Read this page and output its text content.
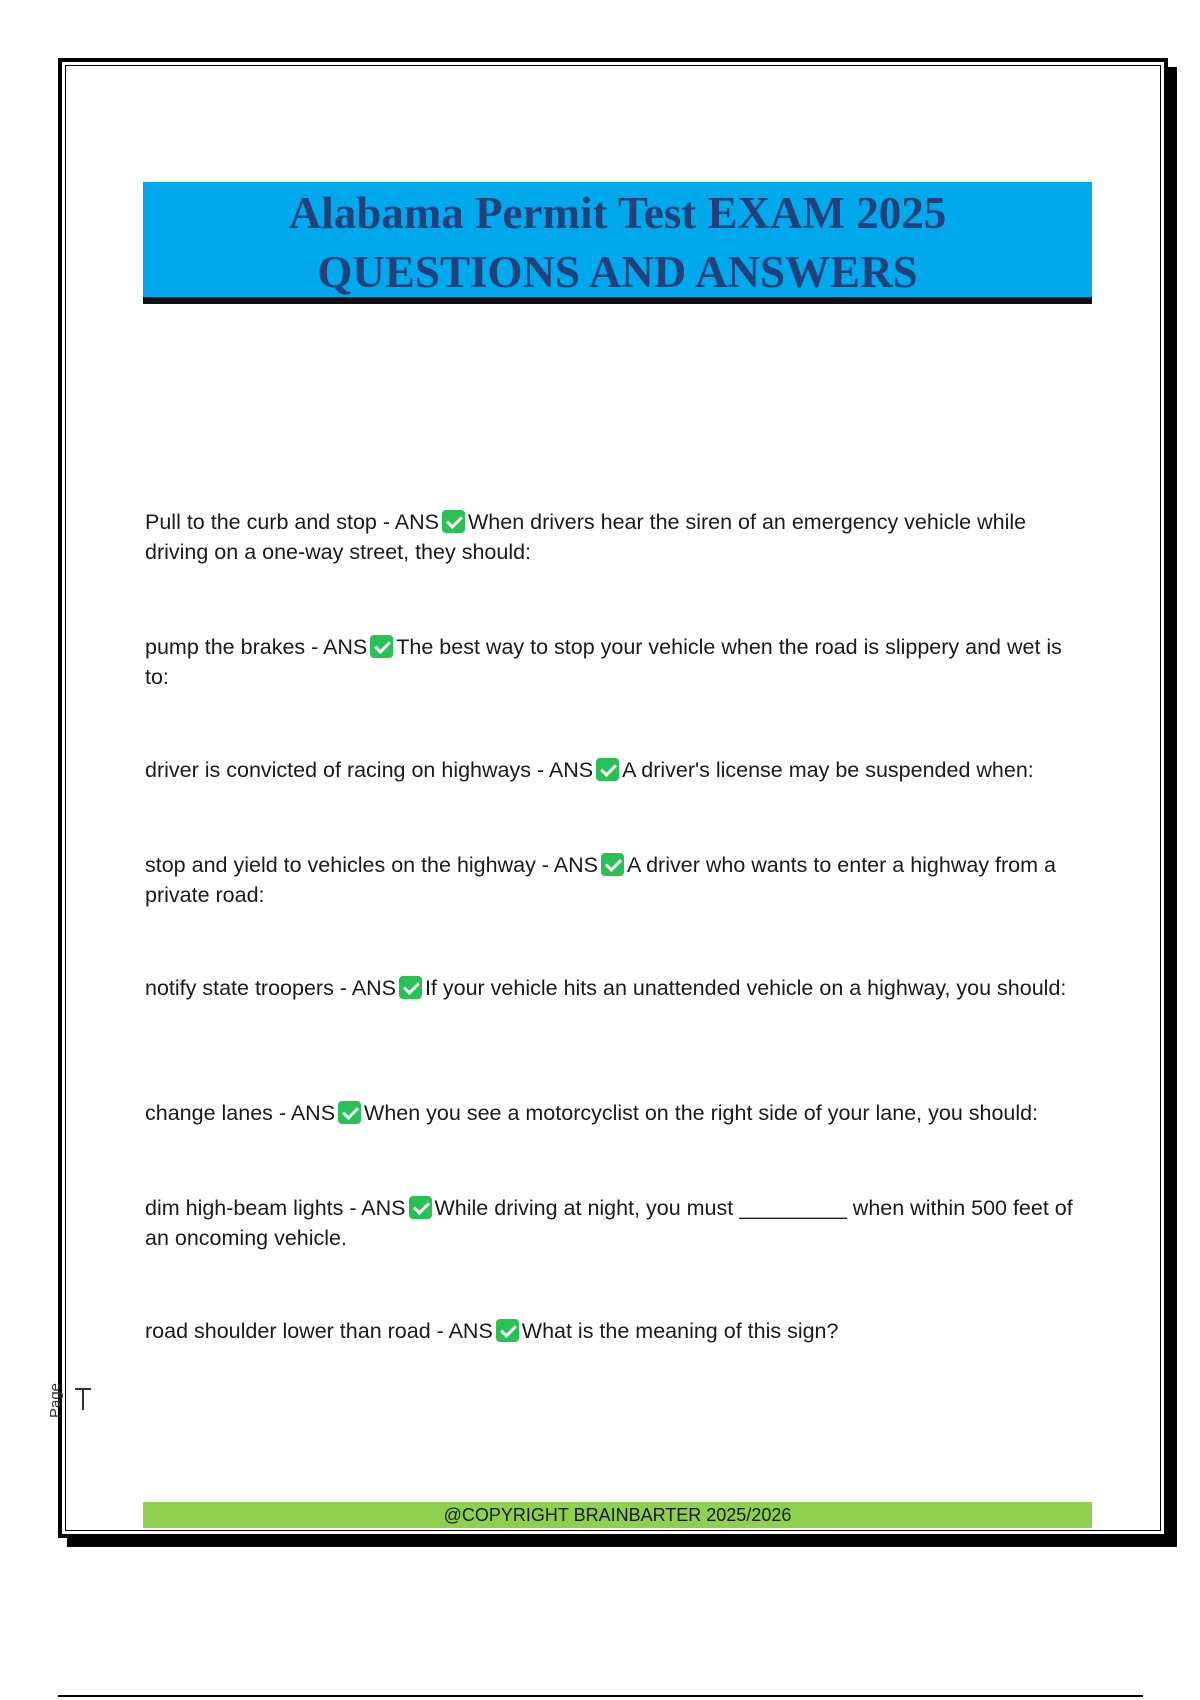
Alabama Permit Test EXAM 2025
QUESTIONS AND ANSWERS
Pull to the curb and stop - ANS When drivers hear the siren of an emergency vehicle while driving on a one-way street, they should:
pump the brakes - ANS The best way to stop your vehicle when the road is slippery and wet is to:
driver is convicted of racing on highways - ANS A driver's license may be suspended when:
stop and yield to vehicles on the highway - ANS A driver who wants to enter a highway from a private road:
notify state troopers - ANS If your vehicle hits an unattended vehicle on a highway, you should:
change lanes - ANS When you see a motorcyclist on the right side of your lane, you should:
dim high-beam lights - ANS While driving at night, you must _________ when within 500 feet of an oncoming vehicle.
road shoulder lower than road - ANS What is the meaning of this sign?
Page
@COPYRIGHT BRAINBARTER 2025/2026
